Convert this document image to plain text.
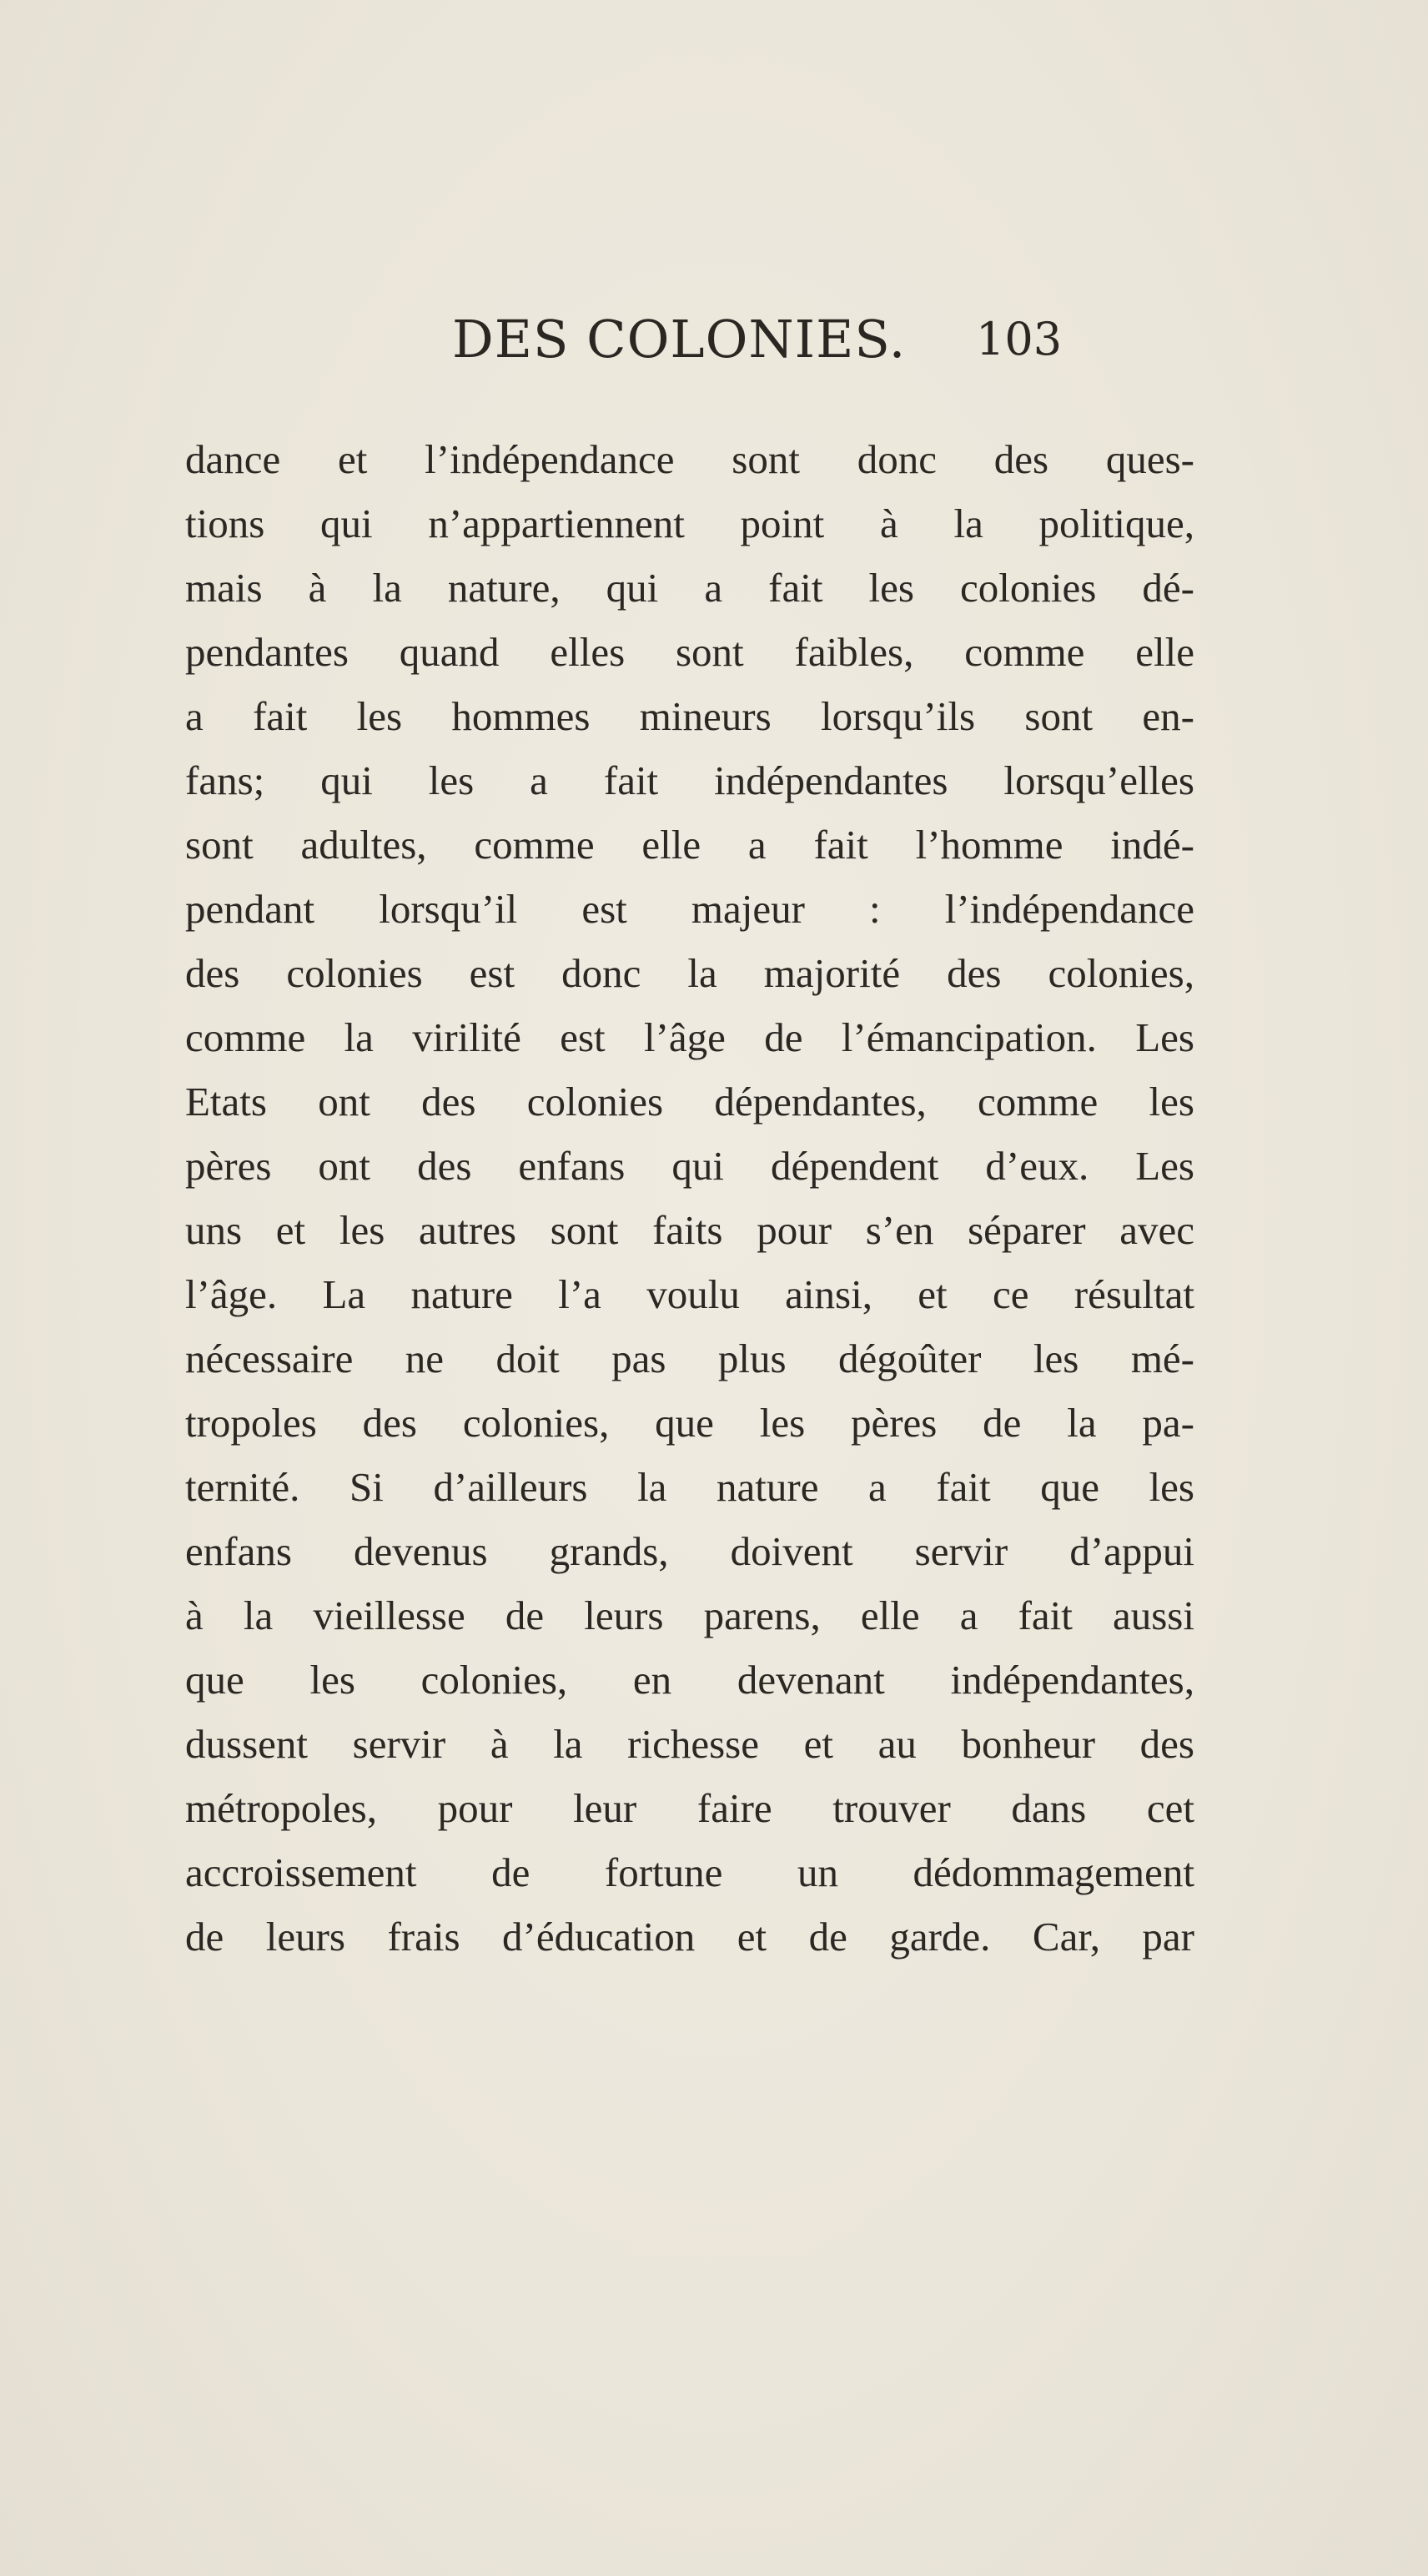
DES COLONIES. 103
dance et l’indépendance sont donc des ques-
tions qui n’appartiennent point à la politique,
mais à la nature, qui a fait les colonies dé-
pendantes quand elles sont faibles, comme elle
a fait les hommes mineurs lorsqu’ils sont en-
fans; qui les a fait indépendantes lorsqu’elles
sont adultes, comme elle a fait l’homme indé-
pendant lorsqu’il est majeur : l’indépendance
des colonies est donc la majorité des colonies,
comme la virilité est l’âge de l’émancipation. Les
Etats ont des colonies dépendantes, comme les
pères ont des enfans qui dépendent d’eux. Les
uns et les autres sont faits pour s’en séparer avec
l’âge. La nature l’a voulu ainsi, et ce résultat
nécessaire ne doit pas plus dégoûter les mé-
tropoles des colonies, que les pères de la pa-
ternité. Si d’ailleurs la nature a fait que les
enfans devenus grands, doivent servir d’appui
à la vieillesse de leurs parens, elle a fait aussi
que les colonies, en devenant indépendantes,
dussent servir à la richesse et au bonheur des
métropoles, pour leur faire trouver dans cet
accroissement de fortune un dédommagement
de leurs frais d’éducation et de garde. Car, par
